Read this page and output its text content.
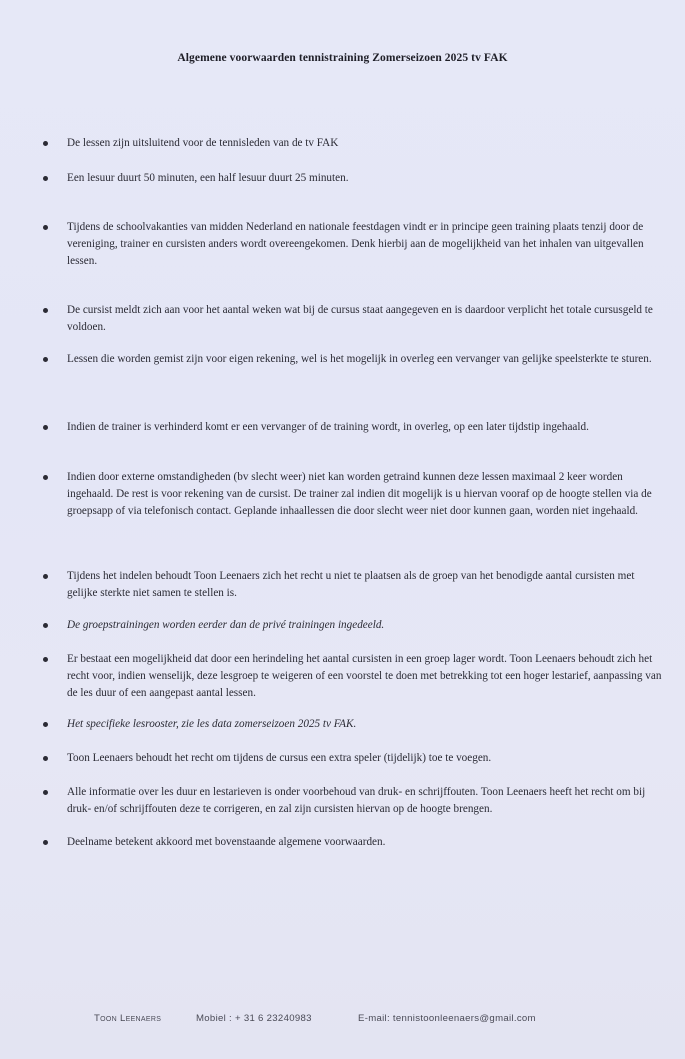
Algemene voorwaarden tennistraining Zomerseizoen 2025 tv FAK
De lessen zijn uitsluitend voor de tennisleden van de tv FAK
Een lesuur duurt 50 minuten, een half lesuur duurt 25 minuten.
Tijdens de schoolvakanties van midden Nederland en nationale feestdagen vindt er in principe geen training plaats tenzij door de vereniging, trainer en cursisten anders wordt overeengekomen. Denk hierbij aan de mogelijkheid van het inhalen van uitgevallen lessen.
De cursist meldt zich aan voor het aantal weken wat bij de cursus staat aangegeven en is daardoor verplicht het totale cursusgeld te voldoen.
Lessen die worden gemist zijn voor eigen rekening, wel is het mogelijk in overleg een vervanger van gelijke speelsterkte te sturen.
Indien de trainer is verhinderd komt er een vervanger of de training wordt, in overleg, op een later tijdstip ingehaald.
Indien door externe omstandigheden (bv slecht weer) niet kan worden getraind kunnen deze lessen maximaal 2 keer worden ingehaald. De rest is voor rekening van de cursist. De trainer zal indien dit mogelijk is u hiervan vooraf op de hoogte stellen via de groepsapp of via telefonisch contact. Geplande inhaallessen die door slecht weer niet door kunnen gaan, worden niet ingehaald.
Tijdens het indelen behoudt Toon Leenaers zich het recht u niet te plaatsen als de groep van het benodigde aantal cursisten met gelijke sterkte niet samen te stellen is.
De groepstrainingen worden eerder dan de privé trainingen ingedeeld.
Er bestaat een mogelijkheid dat door een herindeling het aantal cursisten in een groep lager wordt. Toon Leenaers behoudt zich het recht voor, indien wenselijk, deze lesgroep te weigeren of een voorstel te doen met betrekking tot een hoger lestarief, aanpassing van de les duur of een aangepast aantal lessen.
Het specifieke lesrooster, zie les data zomerseizoen 2025 tv FAK.
Toon Leenaers behoudt het recht om tijdens de cursus een extra speler (tijdelijk) toe te voegen.
Alle informatie over les duur en lestarieven is onder voorbehoud van druk- en schrijffouten. Toon Leenaers heeft het recht om bij druk- en/of schrijffouten deze te corrigeren, en zal zijn cursisten hiervan op de hoogte brengen.
Deelname betekent akkoord met bovenstaande algemene voorwaarden.
Toon Leenaers	Mobiel : + 31 6 23240983	E-mail: tennistoonleenaers@gmail.com
